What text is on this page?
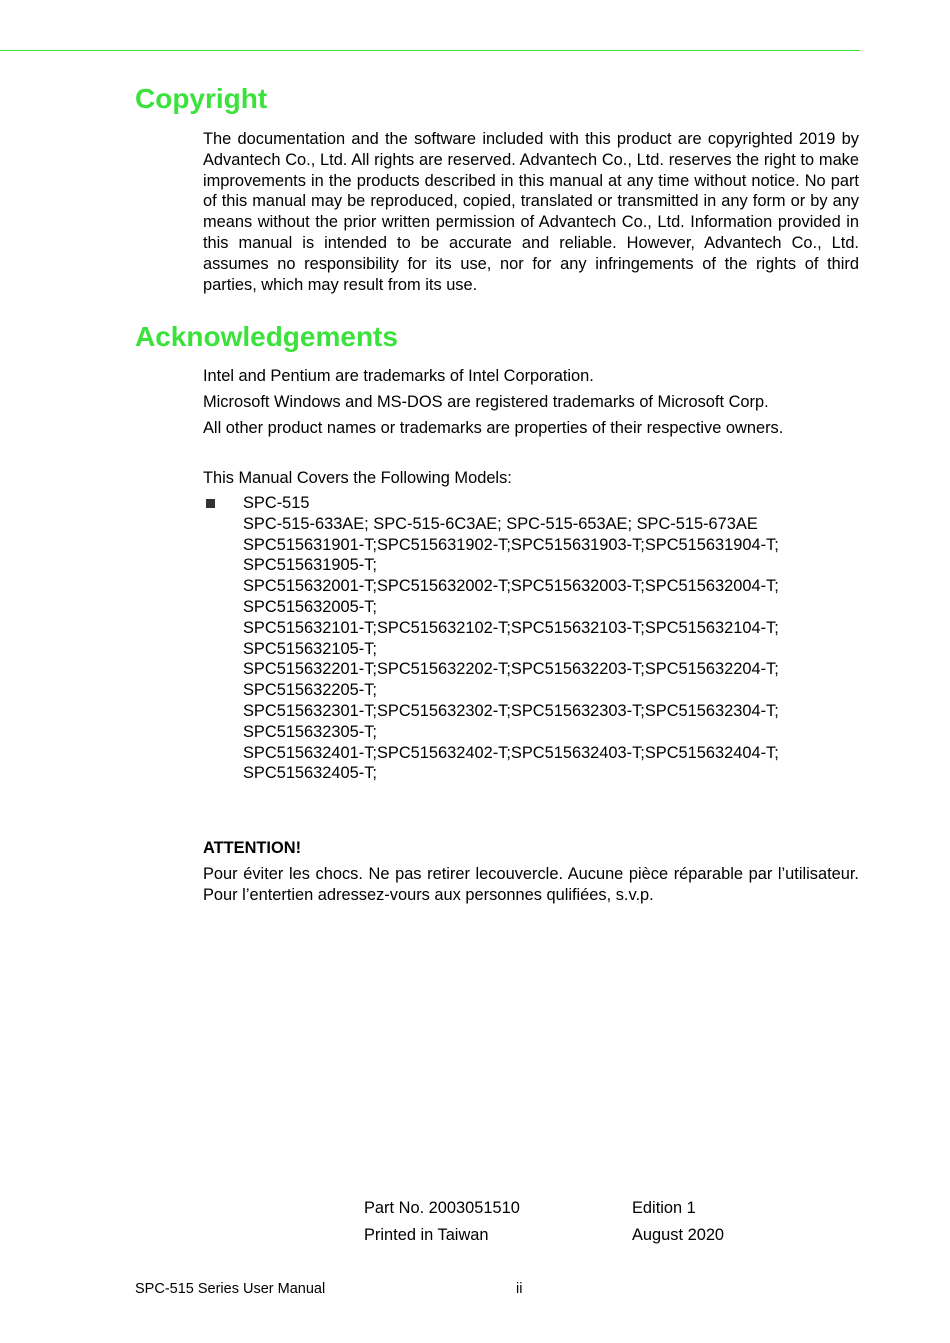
Copyright

The documentation and the software included with this product are copyrighted 2019 by Advantech Co., Ltd. All rights are reserved. Advantech Co., Ltd. reserves the right to make improvements in the products described in this manual at any time without notice. No part of this manual may be reproduced, copied, translated or transmitted in any form or by any means without the prior written permission of Advantech Co., Ltd. Information provided in this manual is intended to be accurate and reliable. However, Advantech Co., Ltd. assumes no responsibility for its use, nor for any infringements of the rights of third parties, which may result from its use.

Acknowledgements
Intel and Pentium are trademarks of Intel Corporation.
Microsoft Windows and MS-DOS are registered trademarks of Microsoft Corp.
All other product names or trademarks are properties of their respective owners.
This Manual Covers the Following Models:
SPC-515
SPC-515-633AE; SPC-515-6C3AE; SPC-515-653AE; SPC-515-673AE
SPC515631901-T;SPC515631902-T;SPC515631903-T;SPC515631904-T;
SPC515631905-T;
SPC515632001-T;SPC515632002-T;SPC515632003-T;SPC515632004-T;
SPC515632005-T;
SPC515632101-T;SPC515632102-T;SPC515632103-T;SPC515632104-T;
SPC515632105-T;
SPC515632201-T;SPC515632202-T;SPC515632203-T;SPC515632204-T;
SPC515632205-T;
SPC515632301-T;SPC515632302-T;SPC515632303-T;SPC515632304-T;
SPC515632305-T;
SPC515632401-T;SPC515632402-T;SPC515632403-T;SPC515632404-T;
SPC515632405-T;
ATTENTION!

Pour éviter les chocs. Ne pas retirer lecouvercle. Aucune pièce réparable par l’utilisateur. Pour l’entertien adressez-vours aux personnes qulifiées, s.v.p.

Part No. 2003051510	Edition 1
Printed in Taiwan	August 2020
SPC-515 Series User Manual	ii
